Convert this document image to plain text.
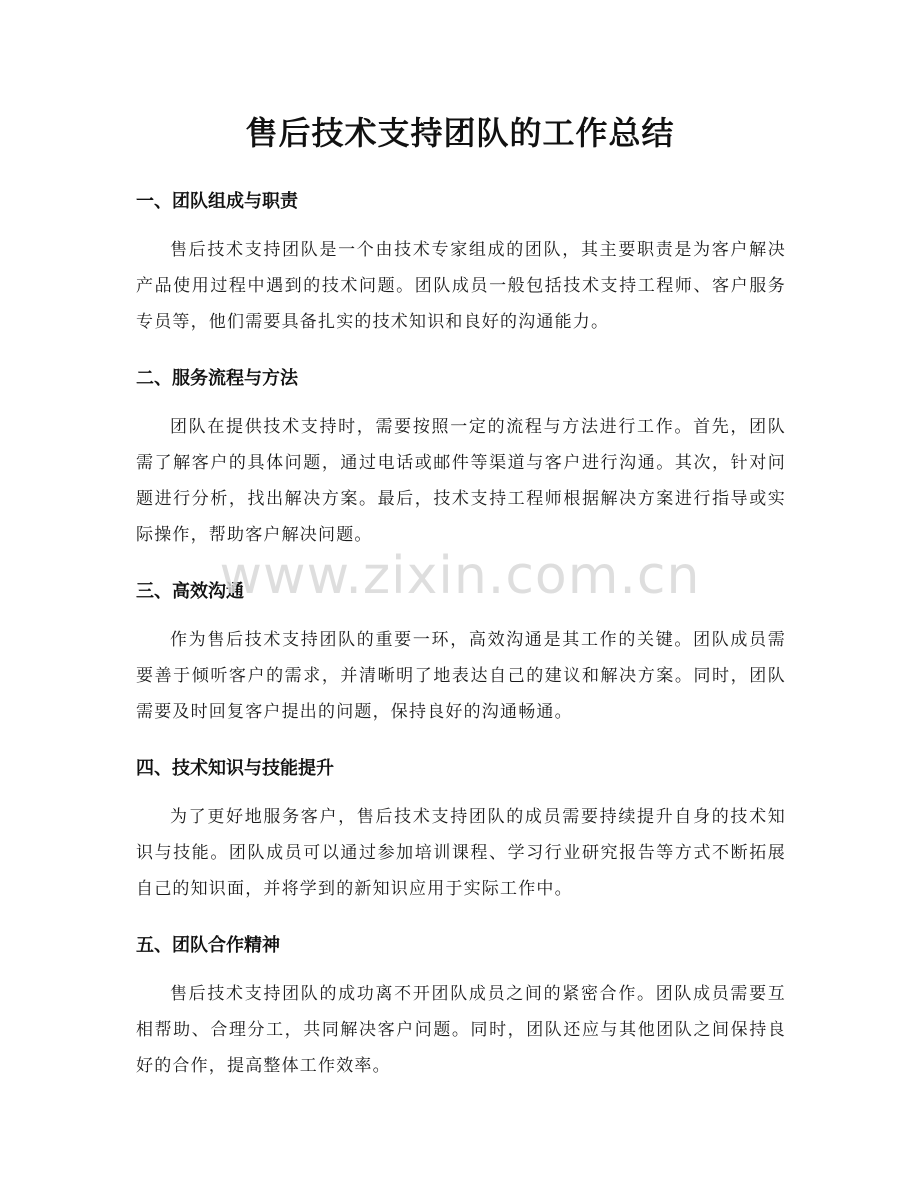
售后技术支持团队的工作总结
一、团队组成与职责

售后技术支持团队是一个由技术专家组成的团队，其主要职责是为客户解决产品使用过程中遇到的技术问题。团队成员一般包括技术支持工程师、客户服务专员等，他们需要具备扎实的技术知识和良好的沟通能力。

二、服务流程与方法

团队在提供技术支持时，需要按照一定的流程与方法进行工作。首先，团队需了解客户的具体问题，通过电话或邮件等渠道与客户进行沟通。其次，针对问题进行分析，找出解决方案。最后，技术支持工程师根据解决方案进行指导或实际操作，帮助客户解决问题。

三、高效沟通

作为售后技术支持团队的重要一环，高效沟通是其工作的关键。团队成员需要善于倾听客户的需求，并清晰明了地表达自己的建议和解决方案。同时，团队需要及时回复客户提出的问题，保持良好的沟通畅通。

四、技术知识与技能提升

为了更好地服务客户，售后技术支持团队的成员需要持续提升自身的技术知识与技能。团队成员可以通过参加培训课程、学习行业研究报告等方式不断拓展自己的知识面，并将学到的新知识应用于实际工作中。

五、团队合作精神

售后技术支持团队的成功离不开团队成员之间的紧密合作。团队成员需要互相帮助、合理分工，共同解决客户问题。同时，团队还应与其他团队之间保持良好的合作，提高整体工作效率。

www.zixin.com.cn
